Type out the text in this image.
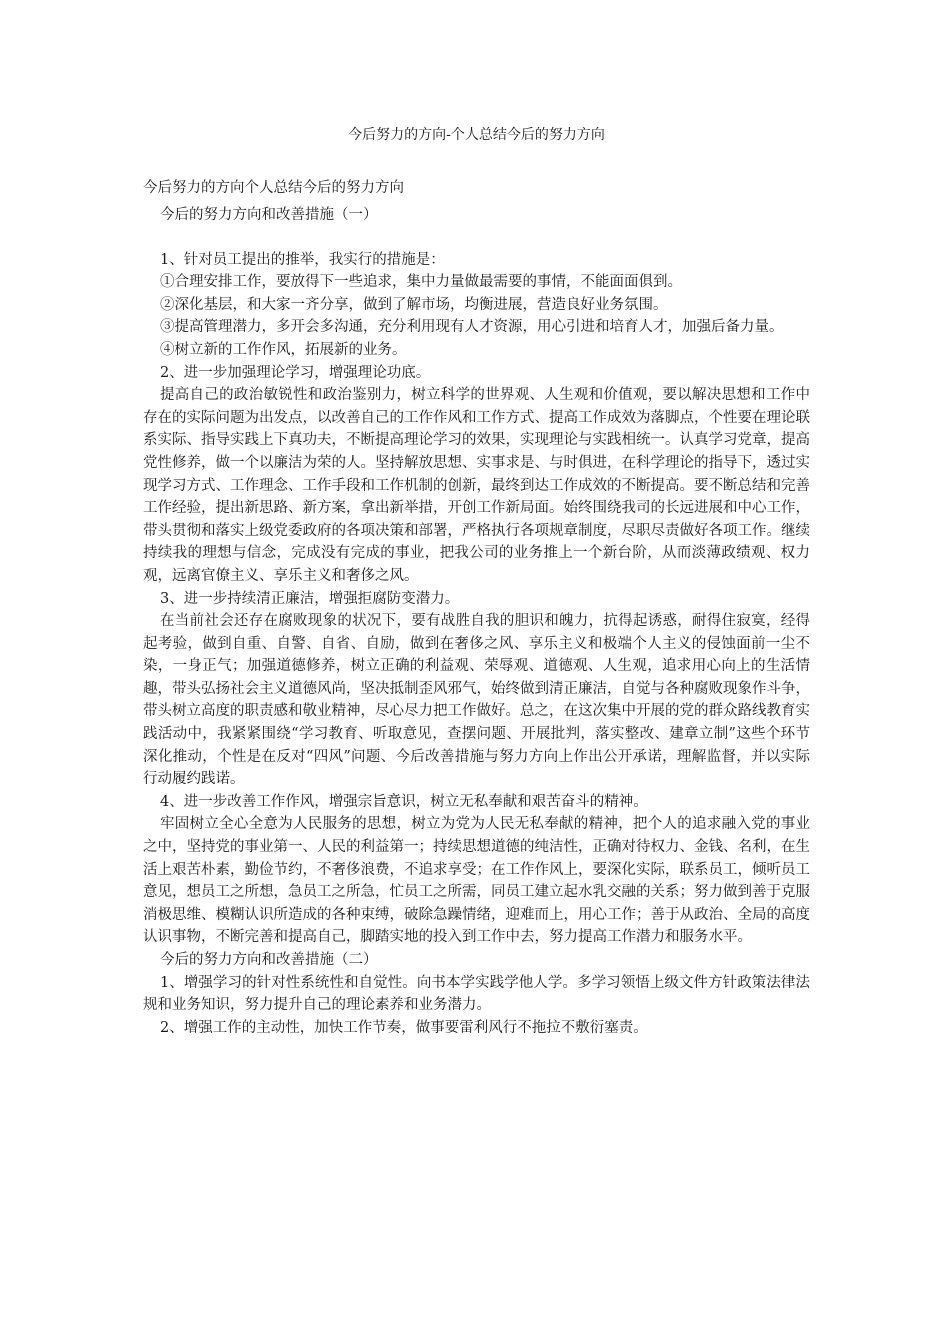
今后努力的方向-个人总结今后的努力方向
今后努力的方向个人总结今后的努力方向

今后的努力方向和改善措施（一）

1、针对员工提出的推举，我实行的措施是：

①合理安排工作，要放得下一些追求，集中力量做最需要的事情，不能面面俱到。

②深化基层，和大家一齐分享，做到了解市场，均衡进展，营造良好业务氛围。

③提高管理潜力，多开会多沟通，充分利用现有人才资源，用心引进和培育人才，加强后备力量。

④树立新的工作作风，拓展新的业务。

2、进一步加强理论学习，增强理论功底。

提高自己的政治敏锐性和政治鉴别力，树立科学的世界观、人生观和价值观，要以解决思想和工作中存在的实际问题为出发点，以改善自己的工作作风和工作方式、提高工作成效为落脚点，个性要在理论联系实际、指导实践上下真功夫，不断提高理论学习的效果，实现理论与实践相统一。认真学习党章，提高党性修养，做一个以廉洁为荣的人。坚持解放思想、实事求是、与时俱进，在科学理论的指导下，透过实现学习方式、工作理念、工作手段和工作机制的创新，最终到达工作成效的不断提高。要不断总结和完善工作经验，提出新思路、新方案，拿出新举措，开创工作新局面。始终围绕我司的长远进展和中心工作，带头贯彻和落实上级党委政府的各项决策和部署，严格执行各项规章制度，尽职尽责做好各项工作。继续持续我的理想与信念，完成没有完成的事业，把我公司的业务推上一个新台阶，从而淡薄政绩观、权力观，远离官僚主义、享乐主义和奢侈之风。

3、进一步持续清正廉洁，增强拒腐防变潜力。

在当前社会还存在腐败现象的状况下，要有战胜自我的胆识和魄力，抗得起诱惑，耐得住寂寞，经得起考验，做到自重、自警、自省、自励，做到在奢侈之风、享乐主义和极端个人主义的侵蚀面前一尘不染，一身正气；加强道德修养，树立正确的利益观、荣辱观、道德观、人生观，追求用心向上的生活情趣，带头弘扬社会主义道德风尚，坚决抵制歪风邪气，始终做到清正廉洁，自觉与各种腐败现象作斗争，带头树立高度的职责感和敬业精神，尽心尽力把工作做好。总之，在这次集中开展的党的群众路线教育实践活动中，我紧紧围绕“学习教育、听取意见，查摆问题、开展批判，落实整改、建章立制”这些个环节深化推动，个性是在反对“四风”问题、今后改善措施与努力方向上作出公开承诺，理解监督，并以实际行动履约践诺。

4、进一步改善工作作风，增强宗旨意识，树立无私奉献和艰苦奋斗的精神。

牢固树立全心全意为人民服务的思想，树立为党为人民无私奉献的精神，把个人的追求融入党的事业之中，坚持党的事业第一、人民的利益第一；持续思想道德的纯洁性，正确对待权力、金钱、名利，在生活上艰苦朴素，勤俭节约，不奢侈浪费，不追求享受；在工作作风上，要深化实际，联系员工，倾听员工意见，想员工之所想，急员工之所急，忙员工之所需，同员工建立起水乳交融的关系；努力做到善于克服消极思维、模糊认识所造成的各种束缚，破除急躁情绪，迎难而上，用心工作；善于从政治、全局的高度认识事物，不断完善和提高自己，脚踏实地的投入到工作中去，努力提高工作潜力和服务水平。

今后的努力方向和改善措施（二）

1、增强学习的针对性系统性和自觉性。向书本学实践学他人学。多学习领悟上级文件方针政策法律法规和业务知识，努力提升自己的理论素养和业务潜力。

2、增强工作的主动性，加快工作节奏，做事要雷利风行不拖拉不敷衍塞责。
